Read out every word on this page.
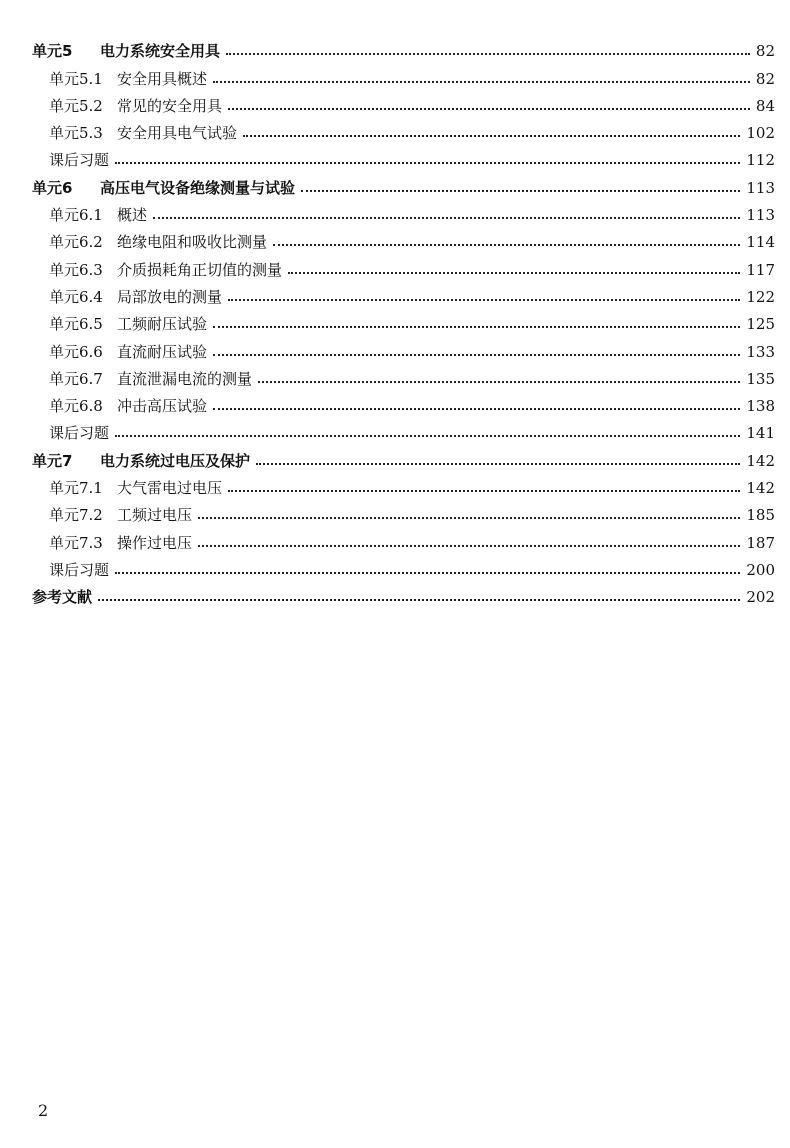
单元5	电力系统安全用具	82
单元5.1 安全用具概述	82
单元5.2 常见的安全用具	84
单元5.3 安全用具电气试验	102
课后习题	112
单元6	高压电气设备绝缘测量与试验	113
单元6.1 概述	113
单元6.2 绝缘电阻和吸收比测量	114
单元6.3 介质损耗角正切值的测量	117
单元6.4 局部放电的测量	122
单元6.5 工频耐压试验	125
单元6.6 直流耐压试验	133
单元6.7 直流泄漏电流的测量	135
单元6.8 冲击高压试验	138
课后习题	141
单元7	电力系统过电压及保护	142
单元7.1 大气雷电过电压	142
单元7.2 工频过电压	185
单元7.3 操作过电压	187
课后习题	200
参考文献	202
2
